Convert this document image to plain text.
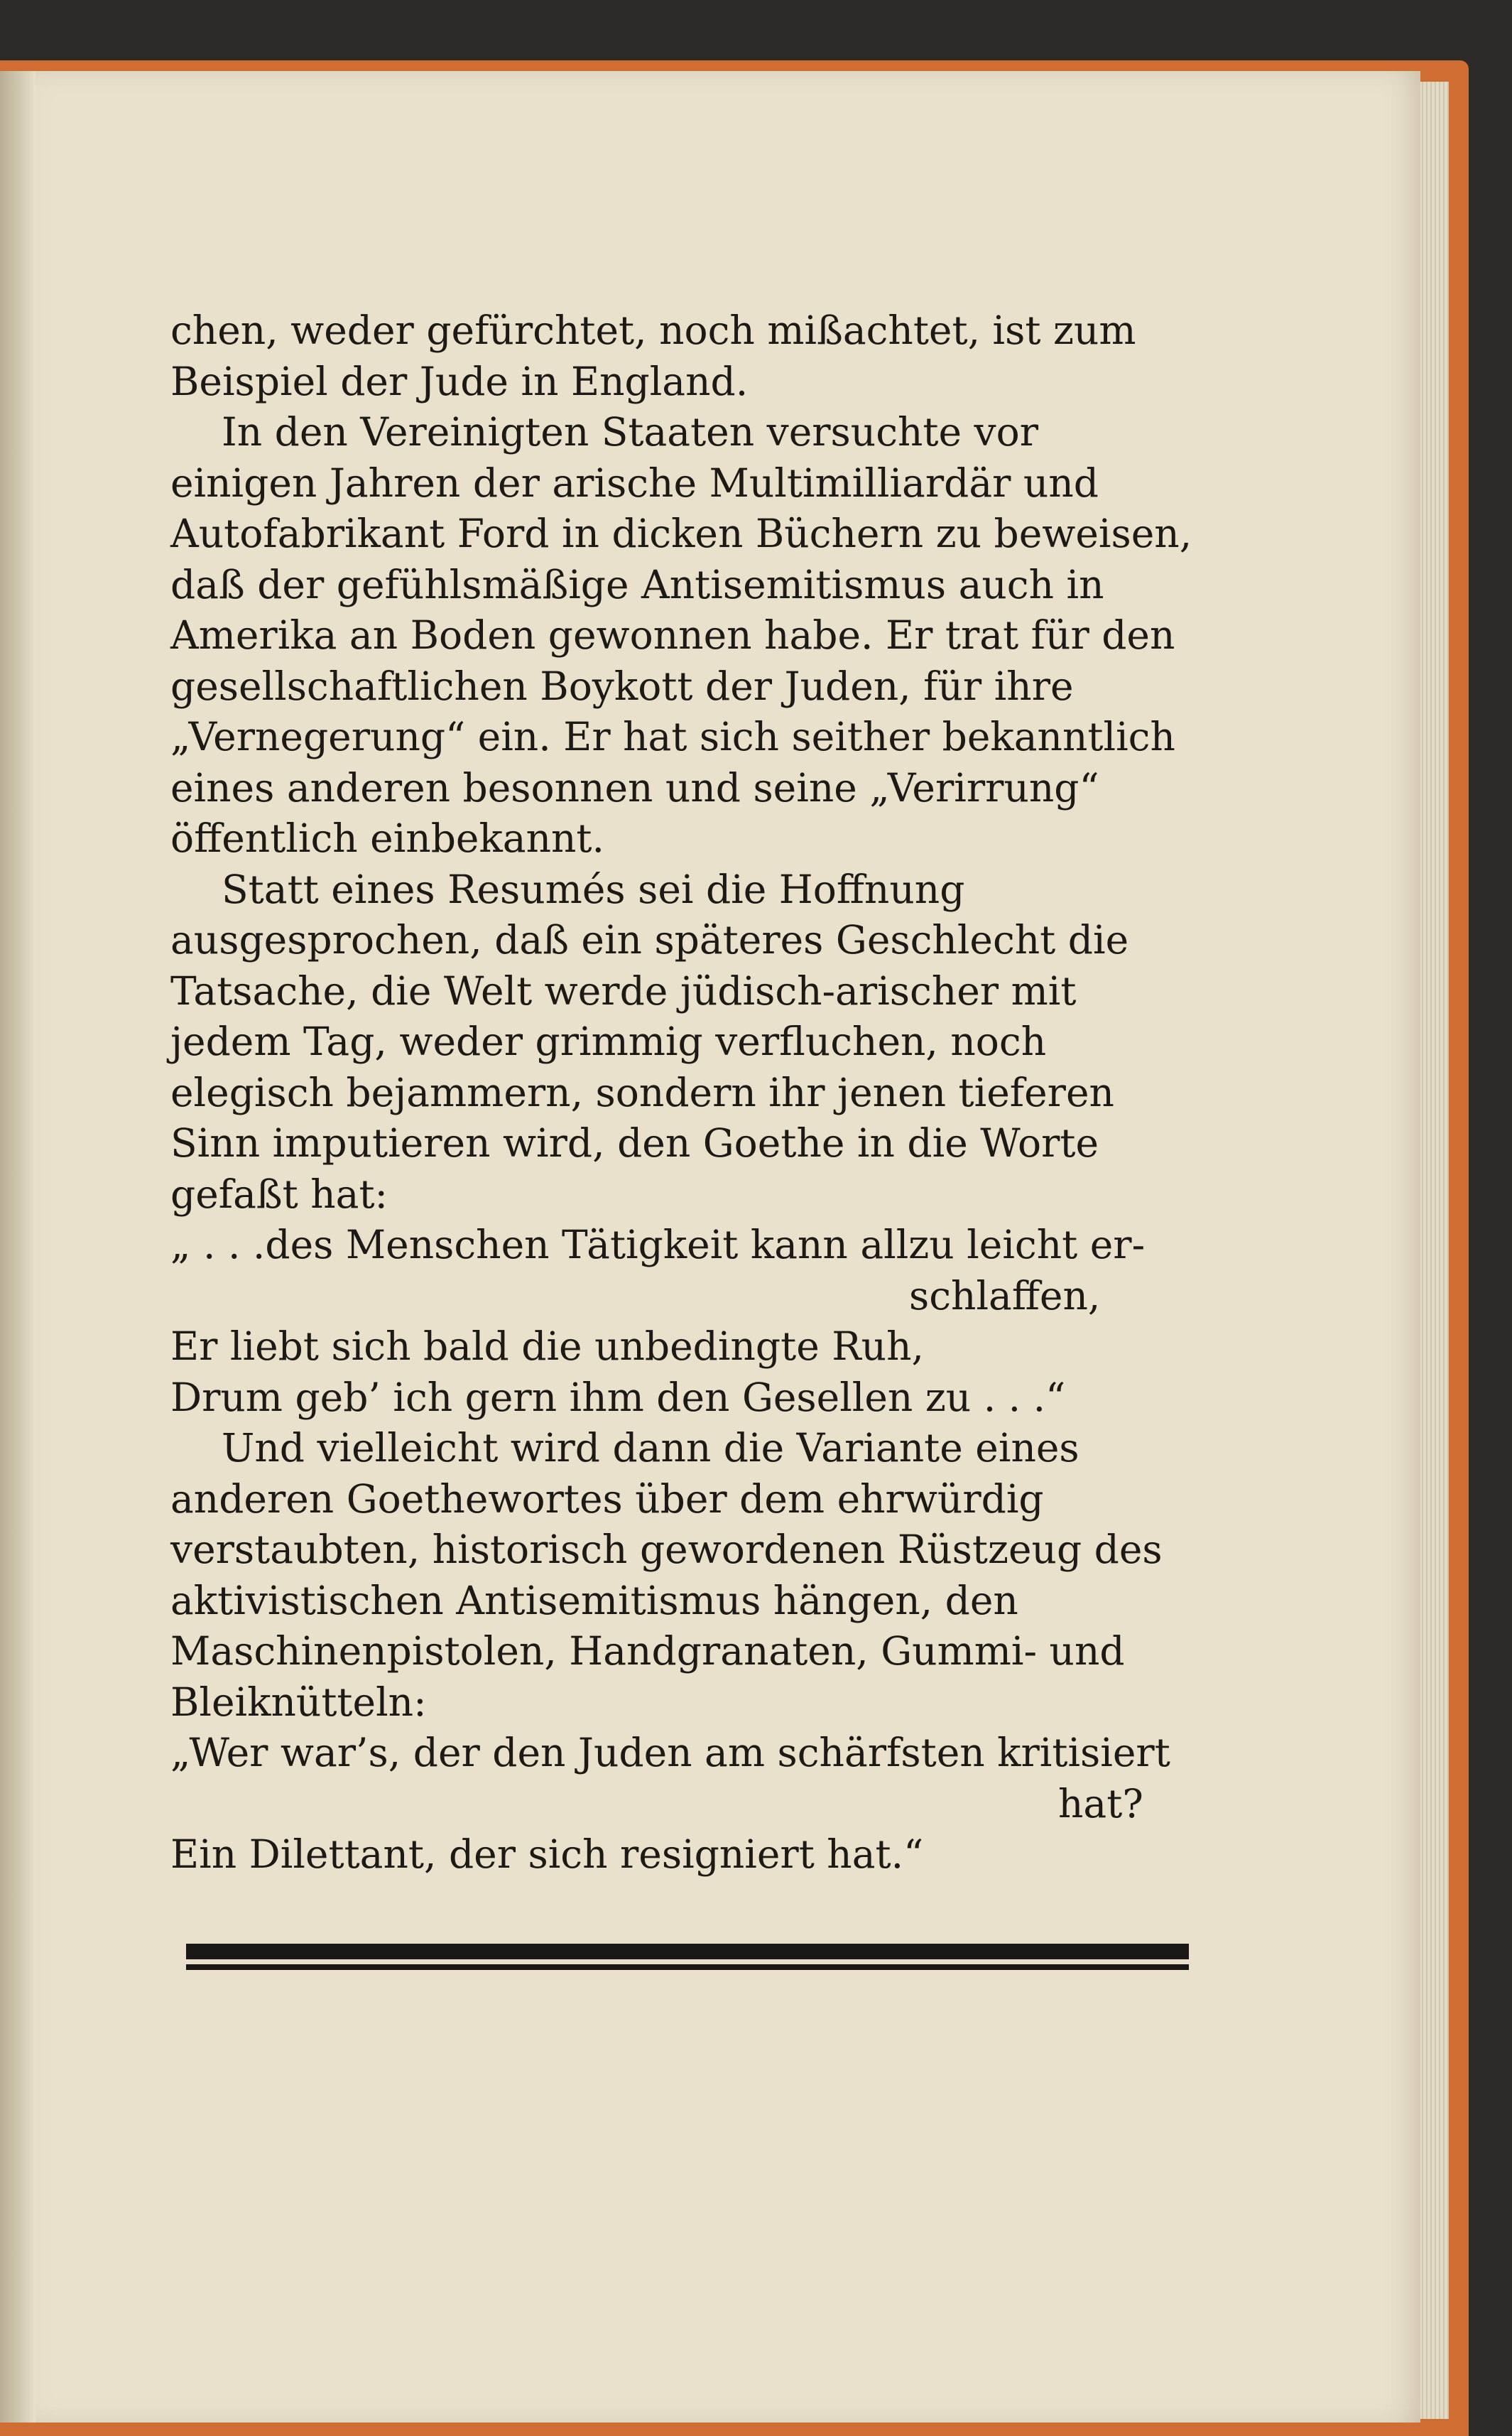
chen, weder gefürchtet, noch mißachtet, ist zum Beispiel der Jude in England.

In den Vereinigten Staaten versuchte vor einigen Jahren der arische Multimilliardär und Autofabrikant Ford in dicken Büchern zu beweisen, daß der gefühlsmäßige Antisemitismus auch in Amerika an Boden gewonnen habe. Er trat für den gesellschaftlichen Boykott der Juden, für ihre „Vernegerung“ ein. Er hat sich seither bekanntlich eines anderen besonnen und seine „Verirrung“ öffentlich einbekannt.

Statt eines Resumés sei die Hoffnung ausgesprochen, daß ein späteres Geschlecht die Tatsache, die Welt werde jüdisch-arischer mit jedem Tag, weder grimmig verfluchen, noch elegisch bejammern, sondern ihr jenen tieferen Sinn imputieren wird, den Goethe in die Worte gefaßt hat:

„ . . .des Menschen Tätigkeit kann allzu leicht er-

schlaffen,

Er liebt sich bald die unbedingte Ruh,

Drum geb’ ich gern ihm den Gesellen zu . . .“

Und vielleicht wird dann die Variante eines anderen Goethewortes über dem ehrwürdig verstaubten, historisch gewordenen Rüstzeug des aktivistischen Antisemitismus hängen, den Maschinenpistolen, Handgranaten, Gummi- und Bleiknütteln:

„Wer war’s, der den Juden am schärfsten kritisiert

hat?

Ein Dilettant, der sich resigniert hat.“
